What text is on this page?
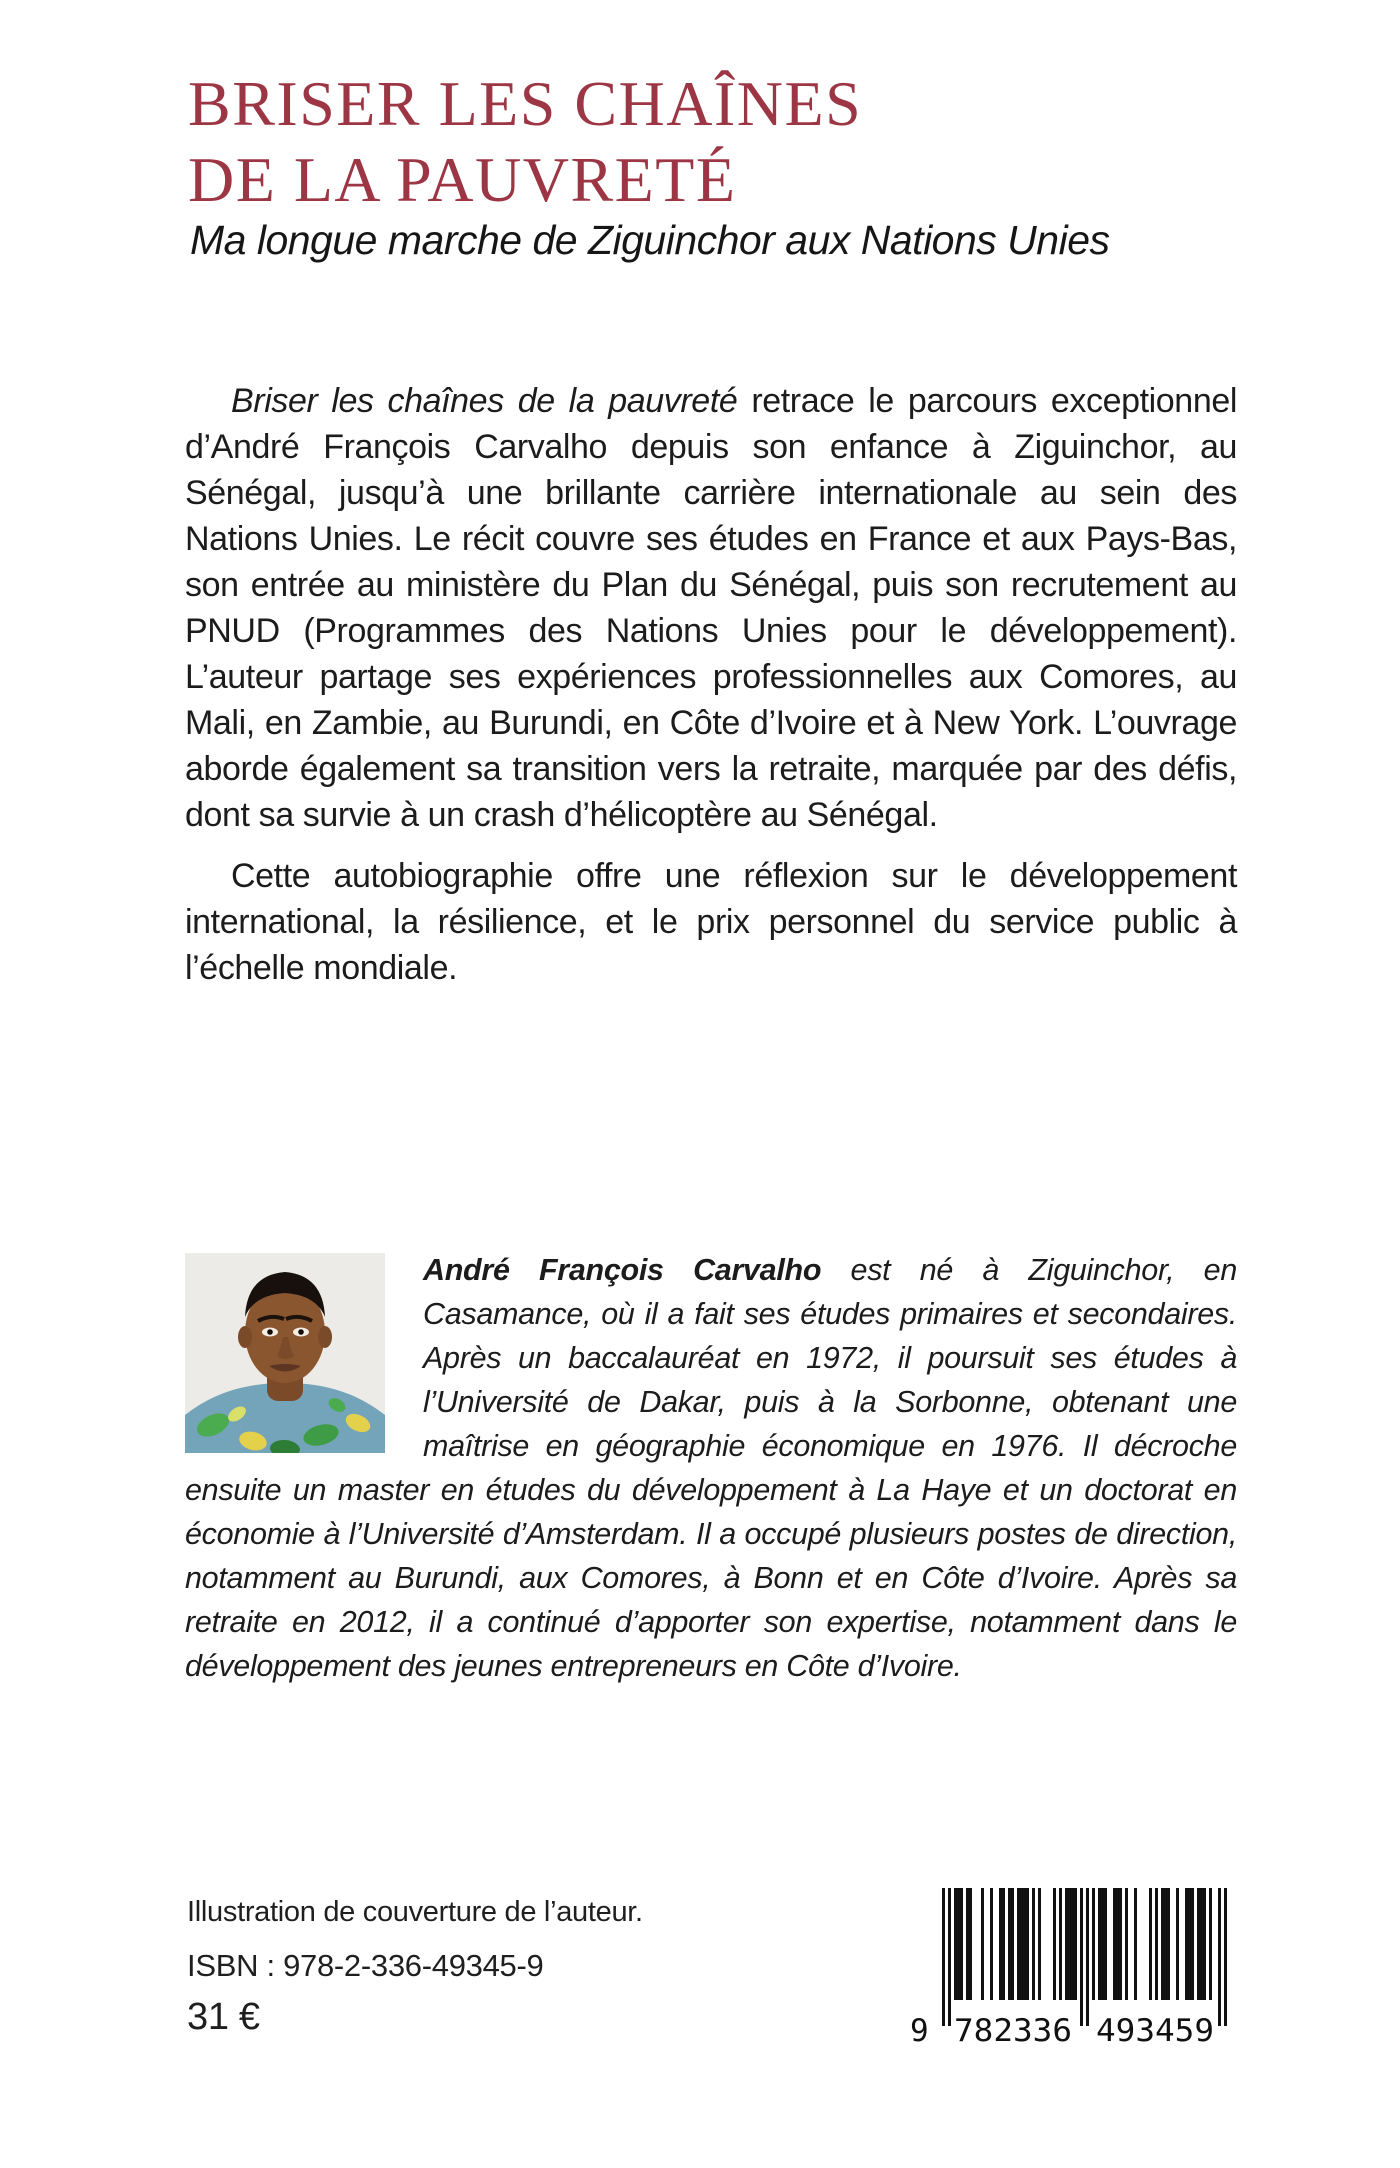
BRISER LES CHAÎNES
DE LA PAUVRETÉ
Ma longue marche de Ziguinchor aux Nations Unies

Briser les chaînes de la pauvreté retrace le parcours exceptionnel d’André François Carvalho depuis son enfance à Ziguinchor, au Sénégal, jusqu’à une brillante carrière internationale au sein des Nations Unies. Le récit couvre ses études en France et aux Pays-Bas, son entrée au ministère du Plan du Sénégal, puis son recrutement au PNUD (Programmes des Nations Unies pour le développement). L’auteur partage ses expériences professionnelles aux Comores, au Mali, en Zambie, au Burundi, en Côte d’Ivoire et à New York. L’ouvrage aborde également sa transition vers la retraite, marquée par des défis, dont sa survie à un crash d’hélicoptère au Sénégal.

Cette autobiographie offre une réflexion sur le développement international, la résilience, et le prix personnel du service public à l’échelle mondiale.

André François Carvalho est né à Ziguinchor, en Casamance, où il a fait ses études primaires et secondaires. Après un baccalauréat en 1972, il poursuit ses études à l’Université de Dakar, puis à la Sorbonne, obtenant une maîtrise en géographie économique en 1976. Il décroche ensuite un master en études du développement à La Haye et un doctorat en économie à l’Université d’Amsterdam. Il a occupé plusieurs postes de direction, notamment au Burundi, aux Comores, à Bonn et en Côte d’Ivoire. Après sa retraite en 2012, il a continué d’apporter son expertise, notamment dans le développement des jeunes entrepreneurs en Côte d’Ivoire.
Illustration de couverture de l’auteur.
ISBN : 978-2-336-49345-9
31 €	9 782336 493459
